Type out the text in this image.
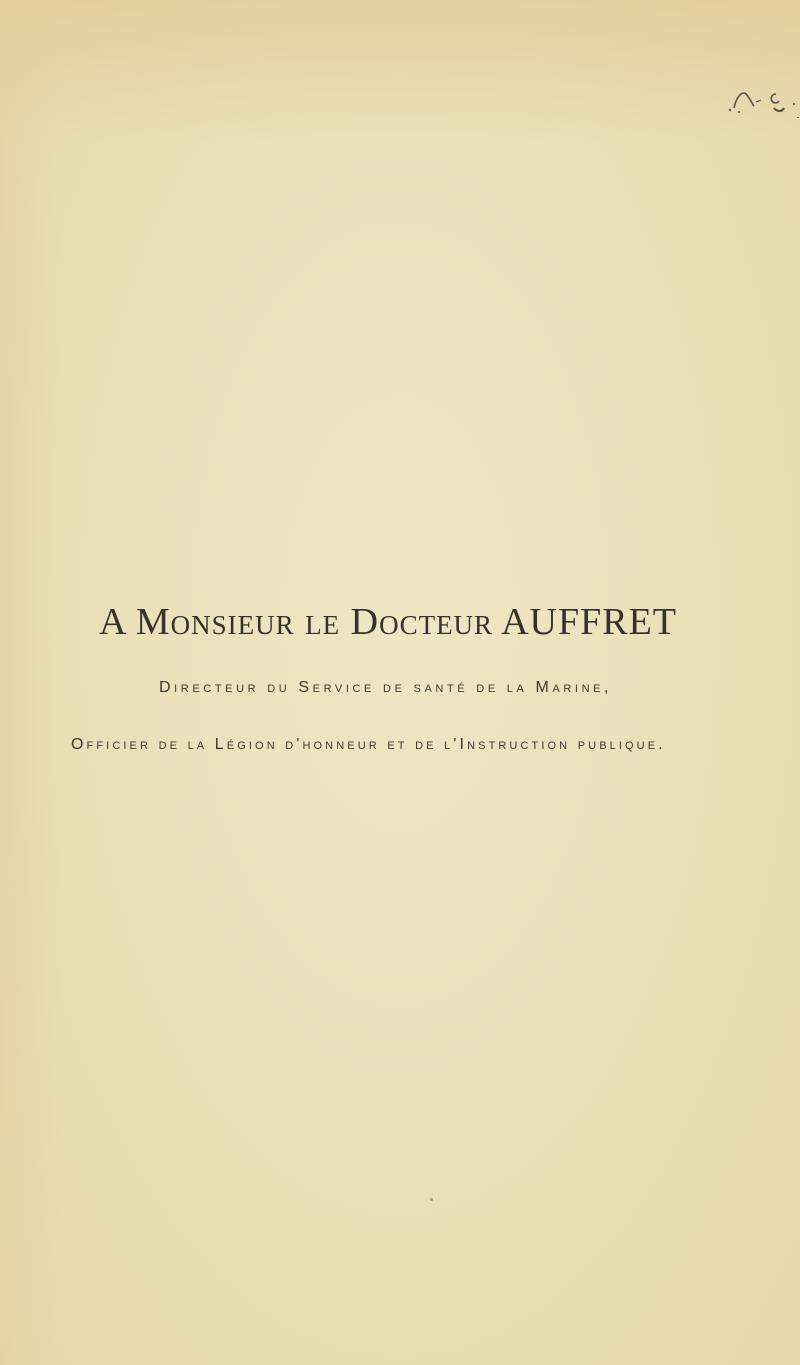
A Monsieur le Docteur AUFFRET
Directeur du Service de santé de la Marine,
Officier de la Légion d'honneur et de l'Instruction publique.
